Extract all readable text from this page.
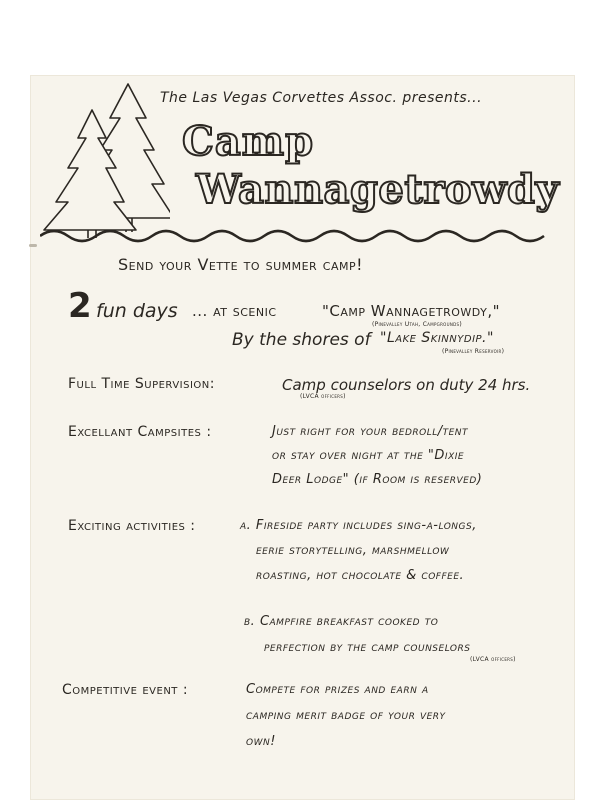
The Las Vegas Corvettes Assoc. presents...
Camp
Wannagetrowdy
Send your Vette to summer camp!
2 fun days ... at scenic	"Camp Wannagetrowdy,"
(Pinevalley Utah, Campgrounds)
By the shores of "Lake Skinnydip."
(Pinevalley Reservoir)
Full Time Supervision:	Camp counselors on duty 24 hrs.
(LVCA officers)
Excellant Campsites :	Just right for your bedroll/tent
or stay over night at the "Dixie
Deer Lodge" (if Room is reserved)
Exciting activities :	a. Fireside party includes sing-a-longs,
eerie storytelling, marshmellow
roasting, hot chocolate & coffee.
b. Campfire breakfast cooked to
perfection by the camp counselors
(LVCA officers)
Competitive event :	Compete for prizes and earn a
camping merit badge of your very
own!
